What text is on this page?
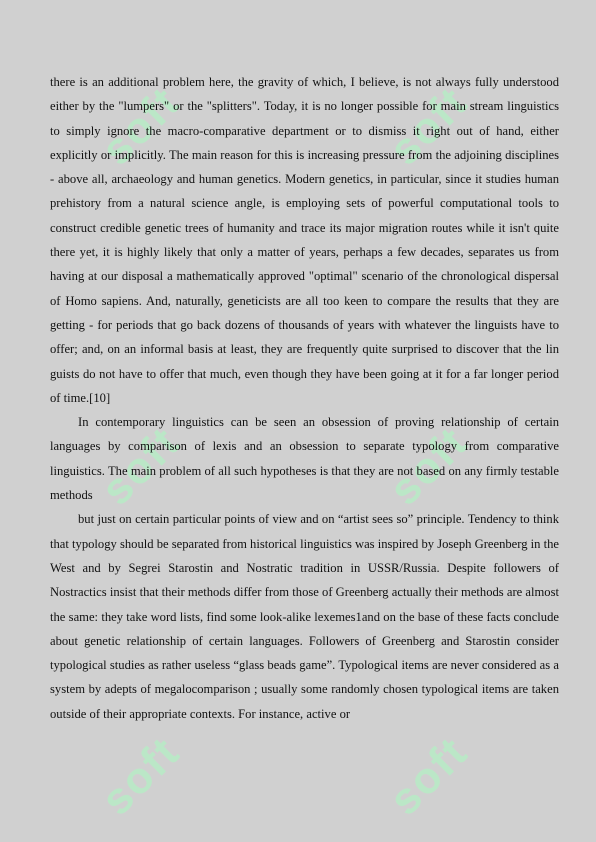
soft	soft
soft	soft
soft	soft

there is an additional problem here, the gravity of which, I believe, is not always fully understood either by the "lumpers" or the "splitters". Today, it is no longer possible for main stream linguistics to simply ignore the macro-comparative department or to dismiss it right out of hand, either explicitly or implicitly. The main reason for this is increasing pressure from the adjoining disciplines - above all, archaeology and human genetics. Modern genetics, in particular, since it studies human prehistory from a natural science angle, is employing sets of powerful computational tools to construct credible genetic trees of humanity and trace its major migration routes while it isn't quite there yet, it is highly likely that only a matter of years, perhaps a few decades, separates us from having at our disposal a mathematically approved "optimal" scenario of the chronological dispersal of Homo sapiens. And, naturally, geneticists are all too keen to compare the results that they are getting - for periods that go back dozens of thousands of years with whatever the linguists have to offer; and, on an informal basis at least, they are frequently quite surprised to discover that the lin guists do not have to offer that much, even though they have been going at it for a far longer period of time.[10]

In contemporary linguistics can be seen an obsession of proving relationship of certain languages by comparison of lexis and an obsession to separate typology from comparative linguistics. The main problem of all such hypotheses is that they are not based on any firmly testable methods

but just on certain particular points of view and on “artist sees so” principle. Tendency to think that typology should be separated from historical linguistics was inspired by Joseph Greenberg in the West and by Segrei Starostin and Nostratic tradition in USSR/Russia. Despite followers of Nostractics insist that their methods differ from those of Greenberg actually their methods are almost the same: they take word lists, find some look-alike lexemes1and on the base of these facts conclude about genetic relationship of certain languages. Followers of Greenberg and Starostin consider typological studies as rather useless “glass beads game”. Typological items are never considered as a system by adepts of megalocomparison ; usually some randomly chosen typological items are taken outside of their appropriate contexts. For instance, active or
